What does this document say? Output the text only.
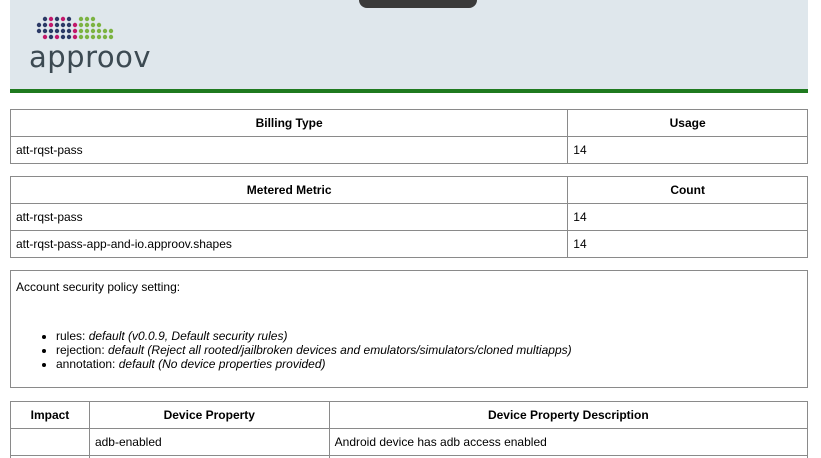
approov
Billing Type	Usage
att-rqst-pass	14
Metered Metric	Count
att-rqst-pass	14
att-rqst-pass-app-and-io.approov.shapes	14
Account security policy setting:
• rules: default (v0.0.9, Default security rules)
• rejection: default (Reject all rooted/jailbroken devices and emulators/simulators/cloned multiapps)
• annotation: default (No device properties provided)
Impact	Device Property	Device Property Description
	adb-enabled	Android device has adb access enabled
